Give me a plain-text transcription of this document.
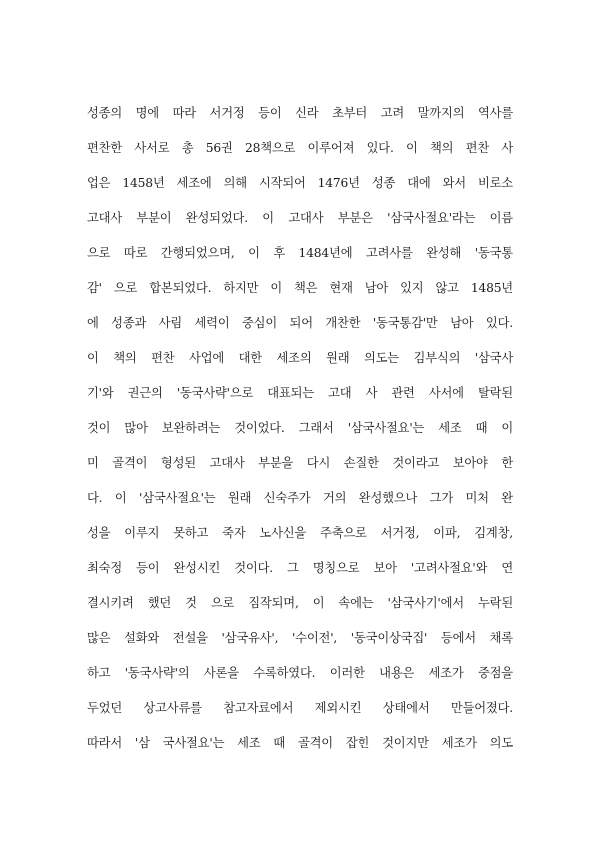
성종의 명에 따라 서거정 등이 신라 초부터 고려 말까지의 역사를
편찬한 사서로 총 56권 28책으로 이루어져 있다. 이 책의 편찬 사
업은 1458년 세조에 의해 시작되어 1476년 성종 대에 와서 비로소
고대사 부분이 완성되었다. 이 고대사 부분은 '삼국사절요'라는 이름
으로 따로 간행되었으며, 이 후 1484년에 고려사를 완성해 '동국통
감' 으로 합본되었다. 하지만 이 책은 현재 남아 있지 않고 1485년
에 성종과 사림 세력이 중심이 되어 개찬한 '동국통감'만 남아 있다.
이 책의 편찬 사업에 대한 세조의 원래 의도는 김부식의 '삼국사
기'와 권근의 '동국사략'으로 대표되는 고대 사 관련 사서에 탈락된
것이 많아 보완하려는 것이었다. 그래서 '삼국사절요'는 세조 때 이
미 골격이 형성된 고대사 부분을 다시 손질한 것이라고 보아야 한
다. 이 '삼국사절요'는 원래 신숙주가 거의 완성했으나 그가 미처 완
성을 이루지 못하고 죽자 노사신을 주축으로 서거정, 이파, 김계창,
최숙정 등이 완성시킨 것이다. 그 명칭으로 보아 '고려사절요'와 연
결시키려 했던 것 으로 짐작되며, 이 속에는 '삼국사기'에서 누락된
많은 설화와 전설을 '삼국유사', '수이전', '동국이상국집' 등에서 채록
하고 '동국사략'의 사론을 수록하였다. 이러한 내용은 세조가 중점을
두었던 상고사류를 참고자료에서 제외시킨 상태에서 만들어졌다.
따라서 '삼 국사절요'는 세조 때 골격이 잡힌 것이지만 세조가 의도
